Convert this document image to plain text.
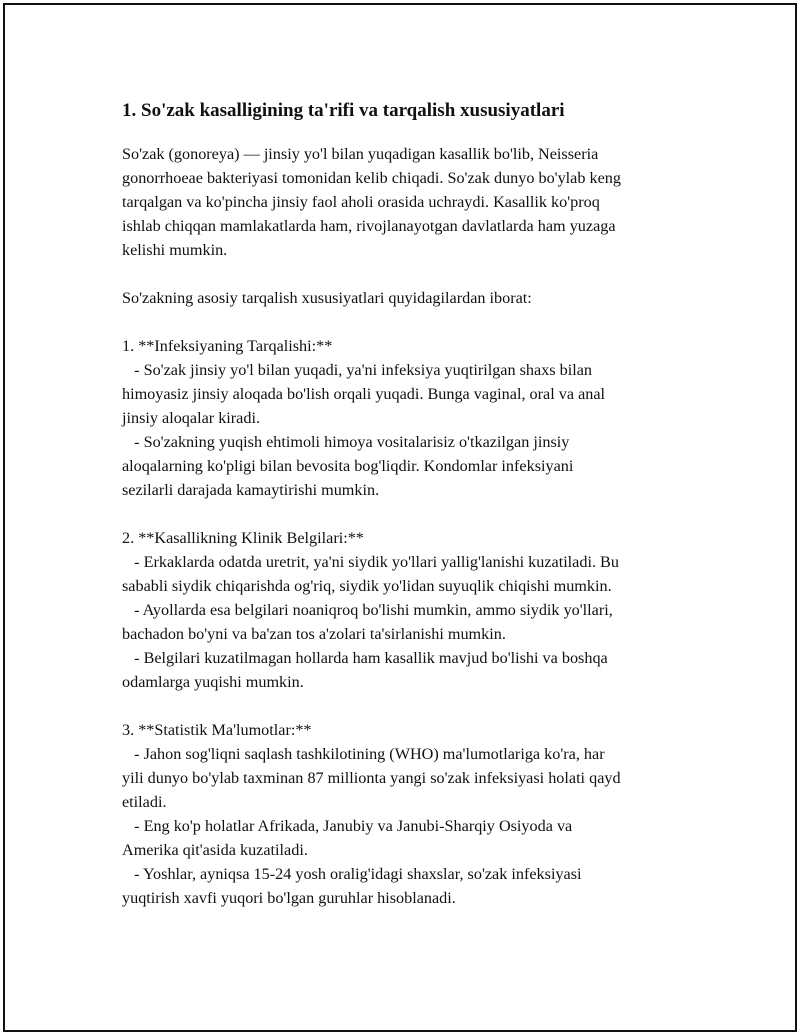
1. So'zak kasalligining ta'rifi va tarqalish xususiyatlari

So'zak (gonoreya) — jinsiy yo'l bilan yuqadigan kasallik bo'lib, Neisseria
gonorrhoeae bakteriyasi tomonidan kelib chiqadi. So'zak dunyo bo'ylab keng
tarqalgan va ko'pincha jinsiy faol aholi orasida uchraydi. Kasallik ko'proq
ishlab chiqqan mamlakatlarda ham, rivojlanayotgan davlatlarda ham yuzaga
kelishi mumkin.

So'zakning asosiy tarqalish xususiyatlari quyidagilardan iborat:

1. **Infeksiyaning Tarqalishi:**
- So'zak jinsiy yo'l bilan yuqadi, ya'ni infeksiya yuqtirilgan shaxs bilan
himoyasiz jinsiy aloqada bo'lish orqali yuqadi. Bunga vaginal, oral va anal
jinsiy aloqalar kiradi.
- So'zakning yuqish ehtimoli himoya vositalarisiz o'tkazilgan jinsiy
aloqalarning ko'pligi bilan bevosita bog'liqdir. Kondomlar infeksiyani
sezilarli darajada kamaytirishi mumkin.

2. **Kasallikning Klinik Belgilari:**
- Erkaklarda odatda uretrit, ya'ni siydik yo'llari yallig'lanishi kuzatiladi. Bu
sababli siydik chiqarishda og'riq, siydik yo'lidan suyuqlik chiqishi mumkin.
- Ayollarda esa belgilari noaniqroq bo'lishi mumkin, ammo siydik yo'llari,
bachadon bo'yni va ba'zan tos a'zolari ta'sirlanishi mumkin.
- Belgilari kuzatilmagan hollarda ham kasallik mavjud bo'lishi va boshqa
odamlarga yuqishi mumkin.

3. **Statistik Ma'lumotlar:**
- Jahon sog'liqni saqlash tashkilotining (WHO) ma'lumotlariga ko'ra, har
yili dunyo bo'ylab taxminan 87 millionta yangi so'zak infeksiyasi holati qayd
etiladi.
- Eng ko'p holatlar Afrikada, Janubiy va Janubi-Sharqiy Osiyoda va
Amerika qit'asida kuzatiladi.
- Yoshlar, ayniqsa 15-24 yosh oralig'idagi shaxslar, so'zak infeksiyasi
yuqtirish xavfi yuqori bo'lgan guruhlar hisoblanadi.
